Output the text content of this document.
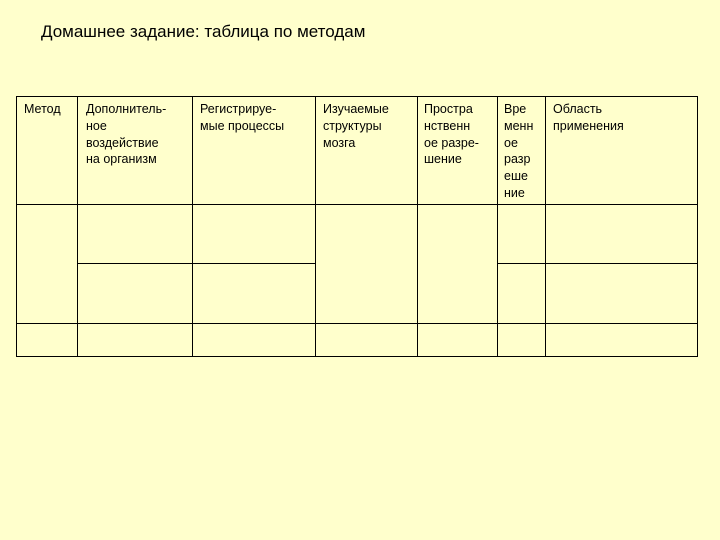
Домашнее задание: таблица по методам
Метод Дополнитель-
ное
воздействие
на организм
Регистрируе-
мые процессы
Изучаемые
структуры
мозга
Простра
нственн
ое разре-
шение
Вре
менн
ое
разр
еше
ние
Область
применения
